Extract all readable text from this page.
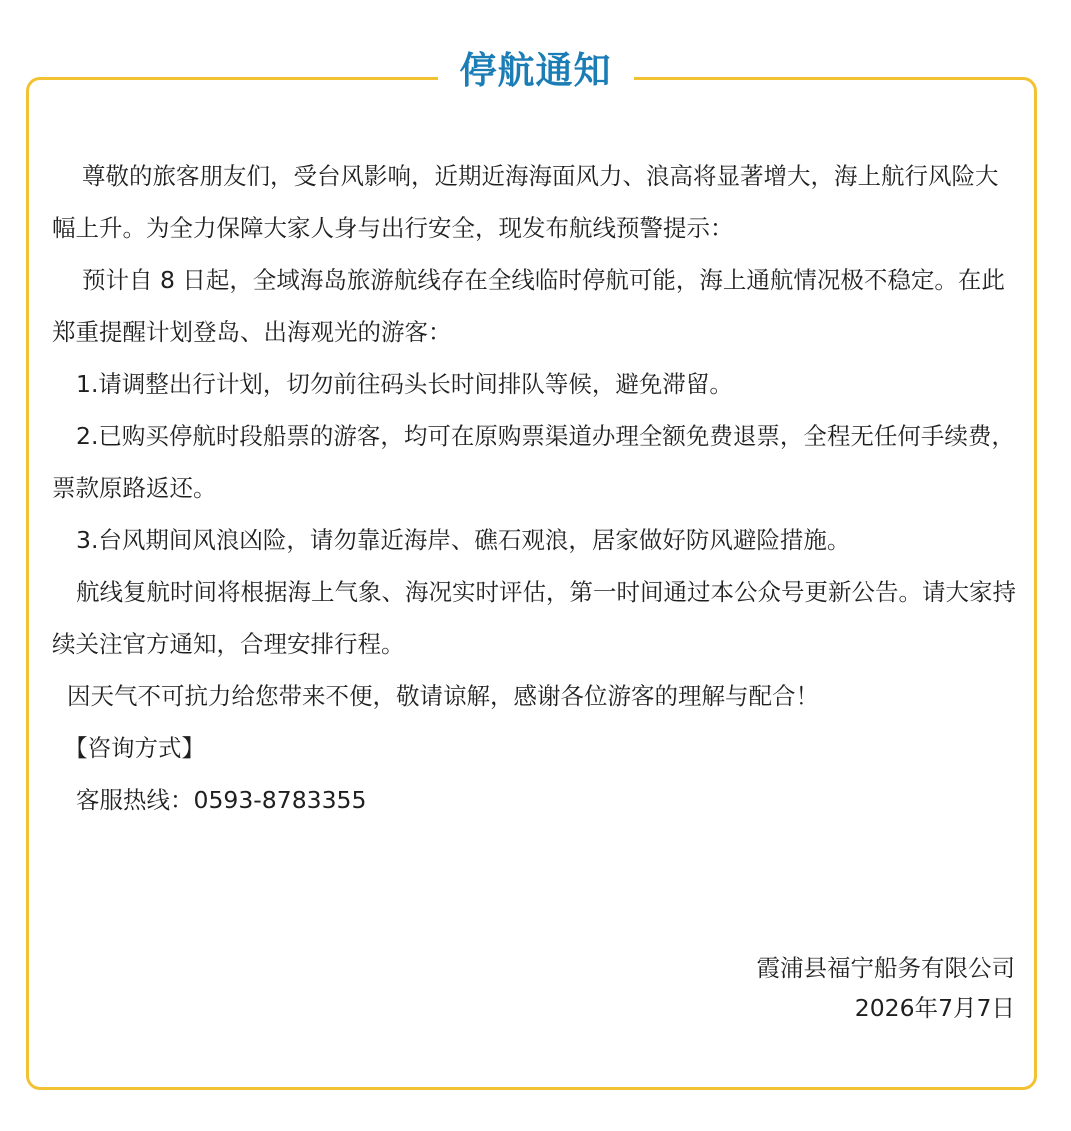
停航通知

尊敬的旅客朋友们，受台风影响，近期近海海面风力、浪高将显著增大，海上航行风险大幅上升。为全力保障大家人身与出行安全，现发布航线预警提示：

预计自 8 日起，全域海岛旅游航线存在全线临时停航可能，海上通航情况极不稳定。在此郑重提醒计划登岛、出海观光的游客：

1.请调整出行计划，切勿前往码头长时间排队等候，避免滞留。

2.已购买停航时段船票的游客，均可在原购票渠道办理全额免费退票，全程无任何手续费，票款原路返还。

3.台风期间风浪凶险，请勿靠近海岸、礁石观浪，居家做好防风避险措施。

航线复航时间将根据海上气象、海况实时评估，第一时间通过本公众号更新公告。请大家持续关注官方通知，合理安排行程。

因天气不可抗力给您带来不便，敬请谅解，感谢各位游客的理解与配合！

【咨询方式】

客服热线：0593-8783355

霞浦县福宁船务有限公司
2026年7月7日
